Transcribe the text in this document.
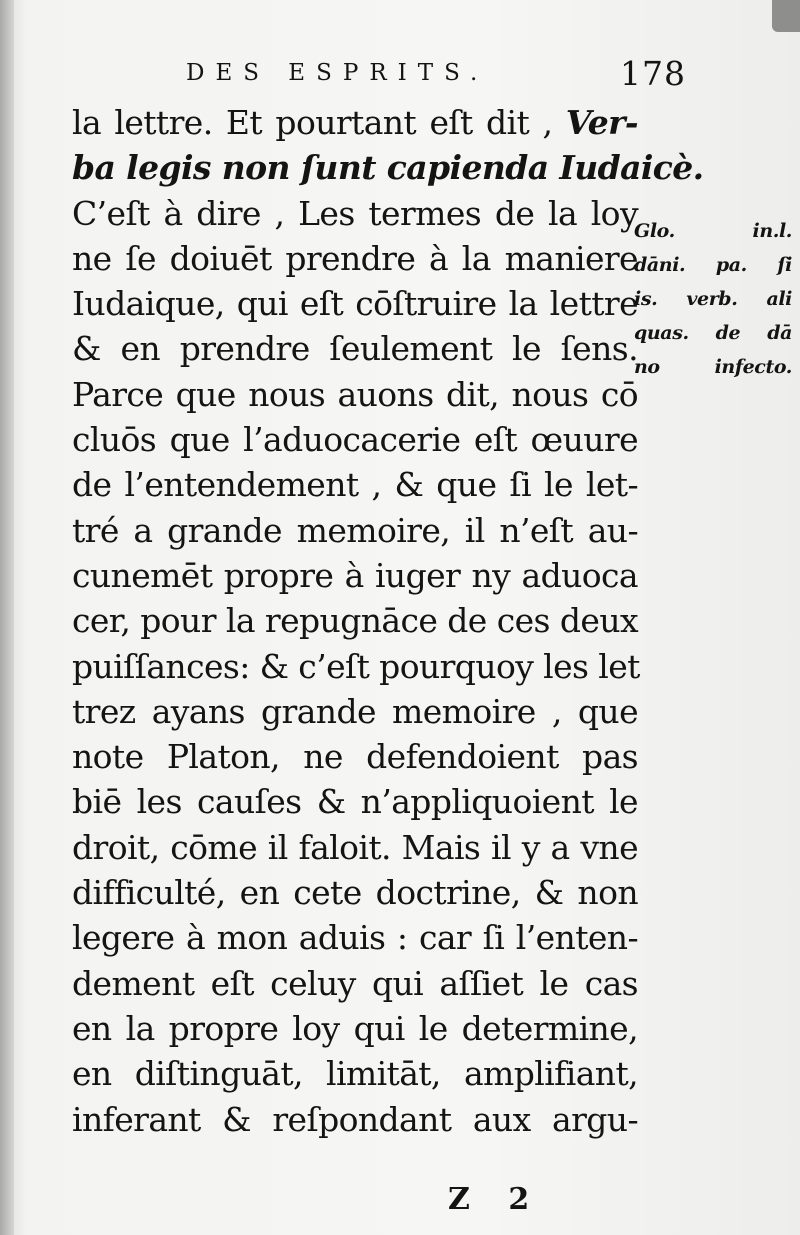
DES ESPRITS.	178
la lettre. Et pourtant eſt dit , Ver-
ba legis non ſunt capienda Iudaicè.
C’eſt à dire , Les termes de la loy
ne ſe doiuēt prendre à la maniere
Iudaique, qui eſt cōſtruire la lettre
& en prendre ſeulement le ſens.
Parce que nous auons dit, nous cō
cluōs que l’aduocacerie eſt œuure
de l’entendement , & que ſi le let-
tré a grande memoire, il n’eſt au-
cunemēt propre à iuger ny aduoca
cer, pour la repugnāce de ces deux
puiſſances: & c’eſt pourquoy les let
trez ayans grande memoire , que
note Platon, ne defendoient pas
biē les cauſes & n’appliquoient le
droit, cōme il faloit. Mais il y a vne
difficulté, en cete doctrine, & non
legere à mon aduis : car ſi l’enten-
dement eſt celuy qui aſſiet le cas
en la propre loy qui le determine,
en diſtinguāt, limitāt, amplifiant,
inferant & reſpondant aux argu-
Glo. in.l.
dāni. pa. ſi
is. verb. ali
quas. de dā
no infecto.
Z 2
